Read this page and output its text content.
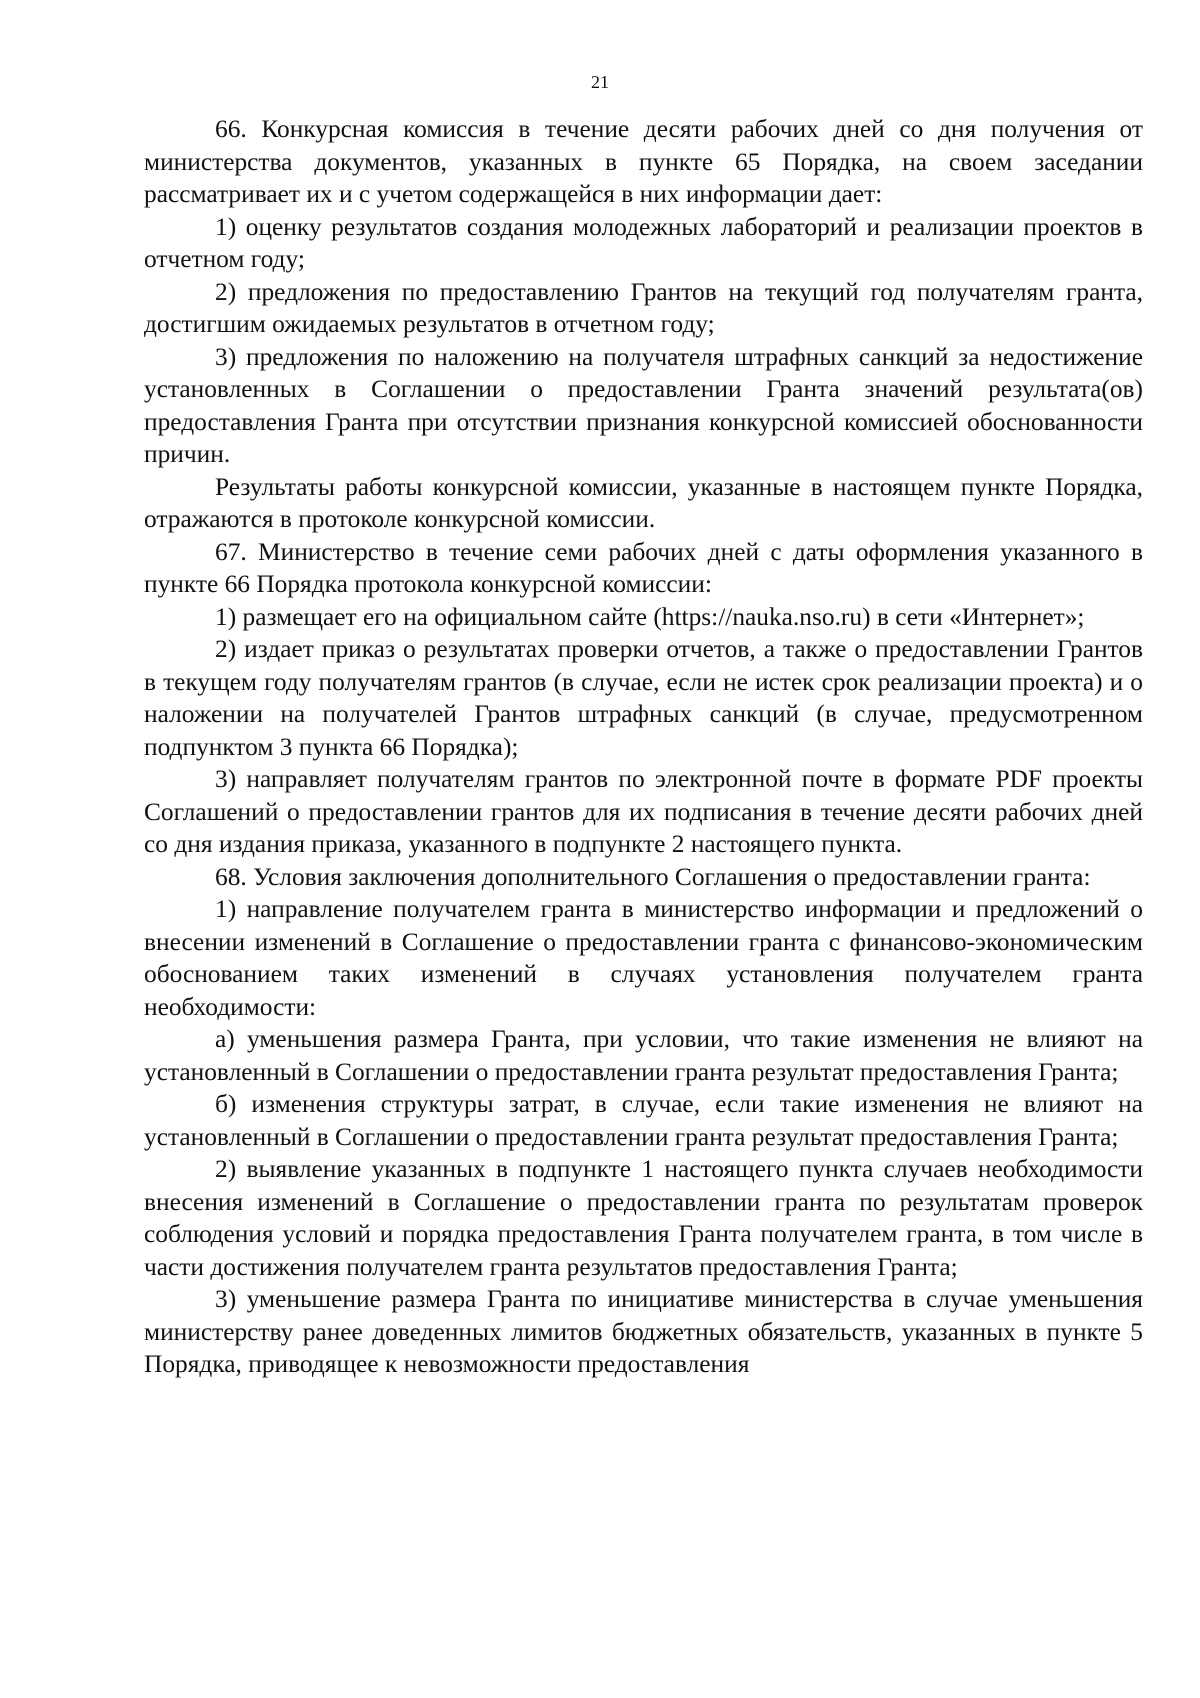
21

66. Конкурсная комиссия в течение десяти рабочих дней со дня получения от министерства документов, указанных в пункте 65 Порядка, на своем заседании рассматривает их и с учетом содержащейся в них информации дает:

1) оценку результатов создания молодежных лабораторий и реализации проектов в отчетном году;

2) предложения по предоставлению Грантов на текущий год получателям гранта, достигшим ожидаемых результатов в отчетном году;

3) предложения по наложению на получателя штрафных санкций за недостижение установленных в Соглашении о предоставлении Гранта значений результата(ов) предоставления Гранта при отсутствии признания конкурсной комиссией обоснованности причин.

Результаты работы конкурсной комиссии, указанные в настоящем пункте Порядка, отражаются в протоколе конкурсной комиссии.

67. Министерство в течение семи рабочих дней с даты оформления указанного в пункте 66 Порядка протокола конкурсной комиссии:

1) размещает его на официальном сайте (https://nauka.nso.ru) в сети «Интернет»;

2) издает приказ о результатах проверки отчетов, а также о предоставлении Грантов в текущем году получателям грантов (в случае, если не истек срок реализации проекта) и о наложении на получателей Грантов штрафных санкций (в случае, предусмотренном подпунктом 3 пункта 66 Порядка);

3) направляет получателям грантов по электронной почте в формате PDF проекты Соглашений о предоставлении грантов для их подписания в течение десяти рабочих дней со дня издания приказа, указанного в подпункте 2 настоящего пункта.

68. Условия заключения дополнительного Соглашения о предоставлении гранта:

1) направление получателем гранта в министерство информации и предложений о внесении изменений в Соглашение о предоставлении гранта с финансово-экономическим обоснованием таких изменений в случаях установления получателем гранта необходимости:

а) уменьшения размера Гранта, при условии, что такие изменения не влияют на установленный в Соглашении о предоставлении гранта результат предоставления Гранта;

б) изменения структуры затрат, в случае, если такие изменения не влияют на установленный в Соглашении о предоставлении гранта результат предоставления Гранта;

2) выявление указанных в подпункте 1 настоящего пункта случаев необходимости внесения изменений в Соглашение о предоставлении гранта по результатам проверок соблюдения условий и порядка предоставления Гранта получателем гранта, в том числе в части достижения получателем гранта результатов предоставления Гранта;

3) уменьшение размера Гранта по инициативе министерства в случае уменьшения министерству ранее доведенных лимитов бюджетных обязательств, указанных в пункте 5 Порядка, приводящее к невозможности предоставления
